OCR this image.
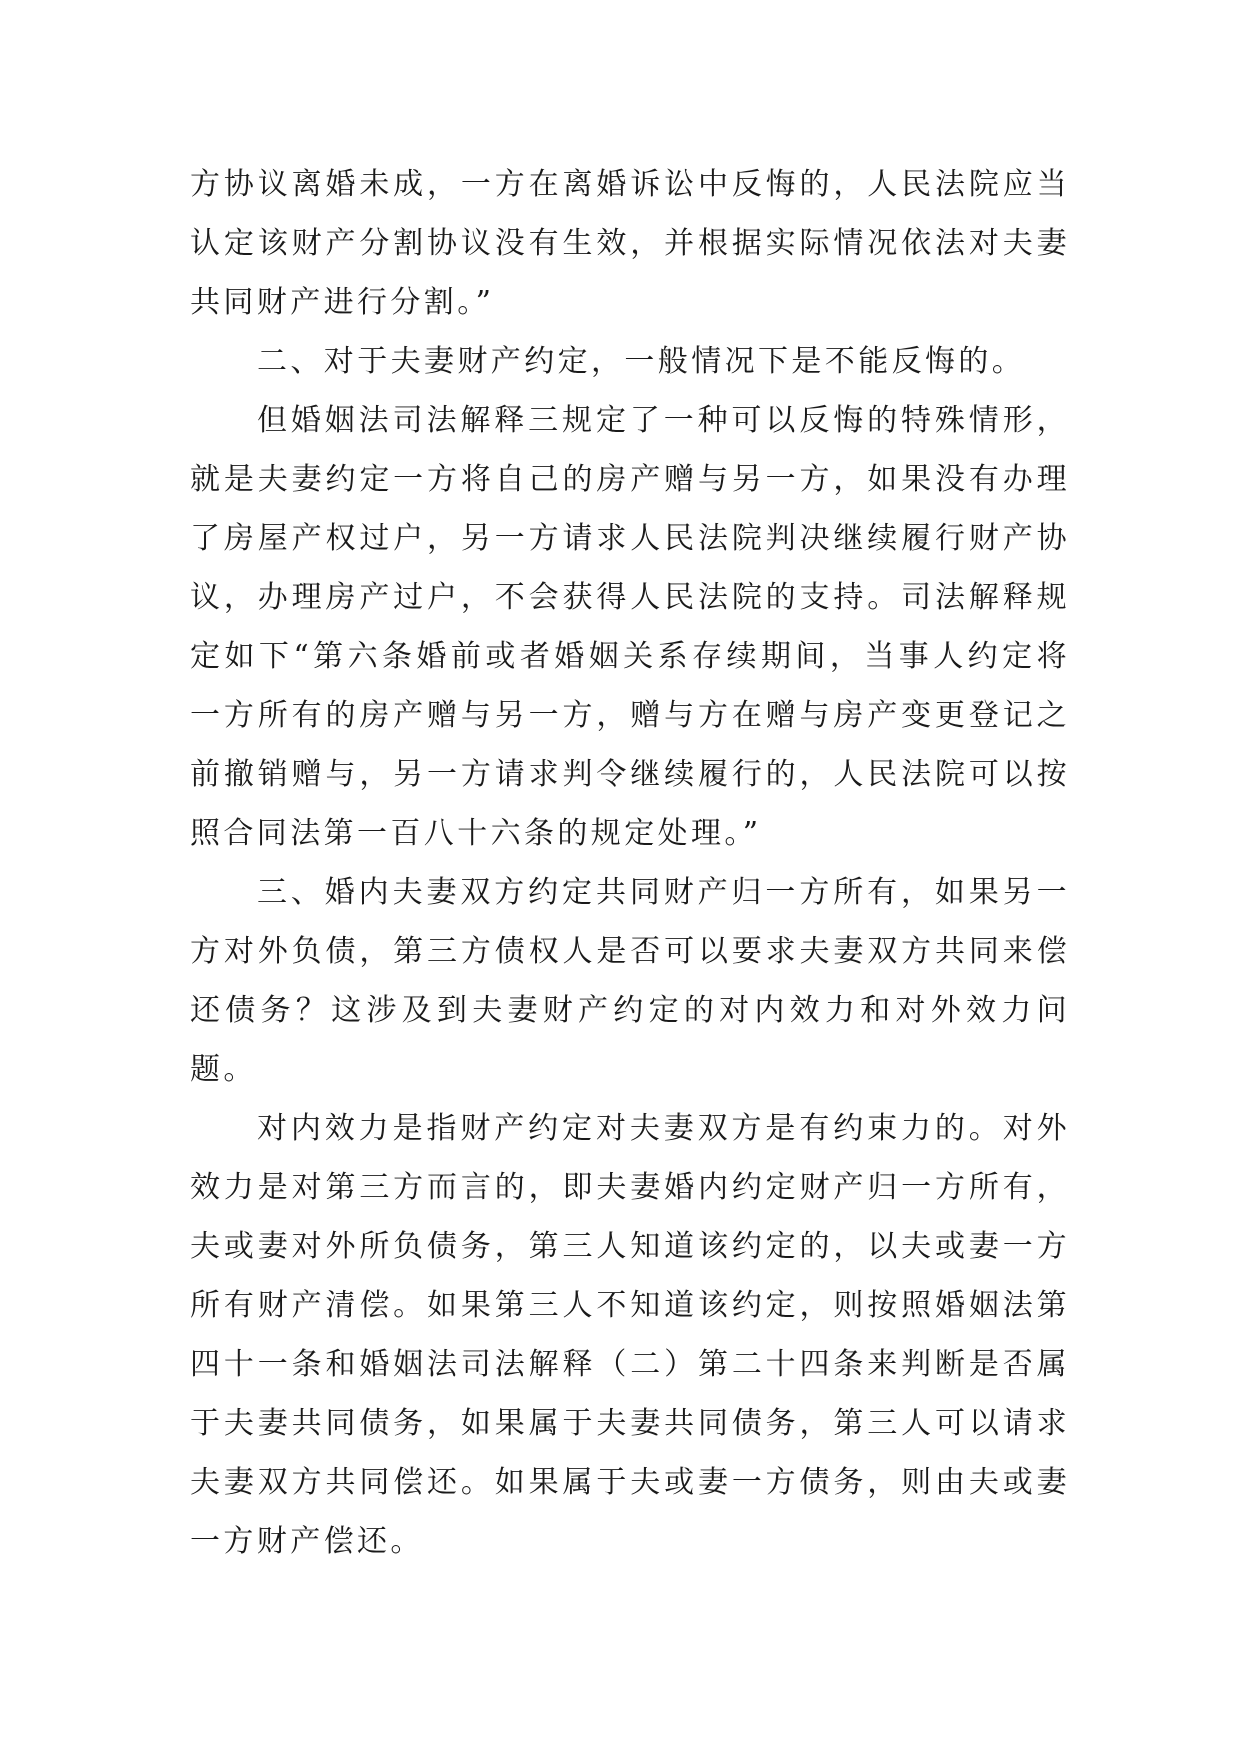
方协议离婚未成，一方在离婚诉讼中反悔的，人民法院应当认定该财产分割协议没有生效，并根据实际情况依法对夫妻共同财产进行分割。”

二、对于夫妻财产约定，一般情况下是不能反悔的。

但婚姻法司法解释三规定了一种可以反悔的特殊情形，就是夫妻约定一方将自己的房产赠与另一方，如果没有办理了房屋产权过户，另一方请求人民法院判决继续履行财产协议，办理房产过户，不会获得人民法院的支持。司法解释规定如下“第六条婚前或者婚姻关系存续期间，当事人约定将一方所有的房产赠与另一方，赠与方在赠与房产变更登记之前撤销赠与，另一方请求判令继续履行的，人民法院可以按照合同法第一百八十六条的规定处理。”

三、婚内夫妻双方约定共同财产归一方所有，如果另一方对外负债，第三方债权人是否可以要求夫妻双方共同来偿还债务？这涉及到夫妻财产约定的对内效力和对外效力问题。

对内效力是指财产约定对夫妻双方是有约束力的。对外效力是对第三方而言的，即夫妻婚内约定财产归一方所有，夫或妻对外所负债务，第三人知道该约定的，以夫或妻一方所有财产清偿。如果第三人不知道该约定，则按照婚姻法第四十一条和婚姻法司法解释（二）第二十四条来判断是否属于夫妻共同债务，如果属于夫妻共同债务，第三人可以请求夫妻双方共同偿还。如果属于夫或妻一方债务，则由夫或妻一方财产偿还。
